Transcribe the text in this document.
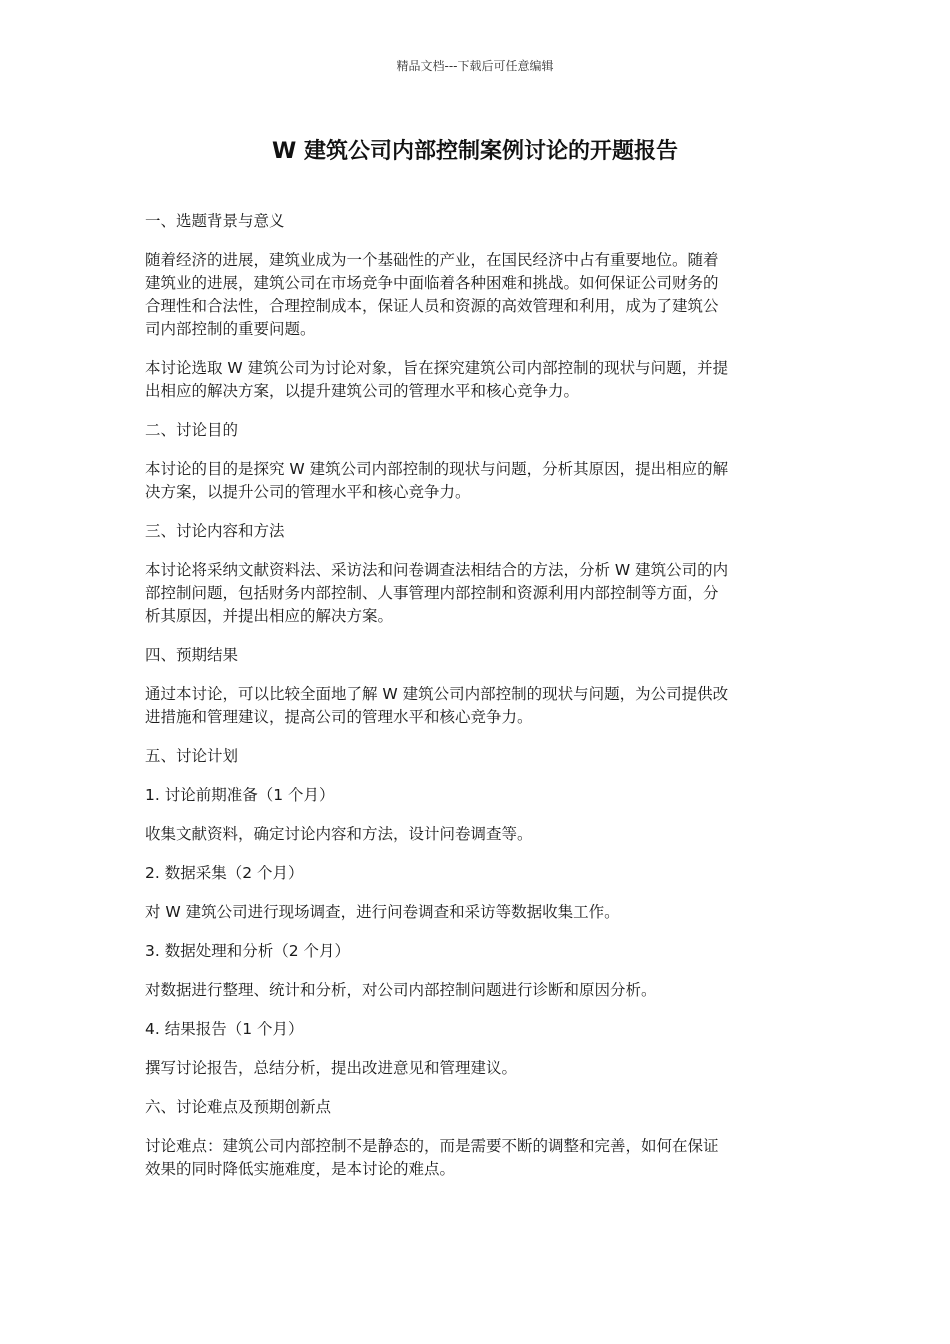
精品文档---下载后可任意编辑
W 建筑公司内部控制案例讨论的开题报告

一、选题背景与意义

随着经济的进展，建筑业成为一个基础性的产业，在国民经济中占有重要地位。随着

建筑业的进展，建筑公司在市场竞争中面临着各种困难和挑战。如何保证公司财务的

合理性和合法性，合理控制成本，保证人员和资源的高效管理和利用，成为了建筑公

司内部控制的重要问题。

本讨论选取 W 建筑公司为讨论对象，旨在探究建筑公司内部控制的现状与问题，并提

出相应的解决方案，以提升建筑公司的管理水平和核心竞争力。

二、讨论目的

本讨论的目的是探究 W 建筑公司内部控制的现状与问题，分析其原因，提出相应的解

决方案，以提升公司的管理水平和核心竞争力。

三、讨论内容和方法

本讨论将采纳文献资料法、采访法和问卷调查法相结合的方法，分析 W 建筑公司的内

部控制问题，包括财务内部控制、人事管理内部控制和资源利用内部控制等方面，分

析其原因，并提出相应的解决方案。

四、预期结果

通过本讨论，可以比较全面地了解 W 建筑公司内部控制的现状与问题，为公司提供改

进措施和管理建议，提高公司的管理水平和核心竞争力。

五、讨论计划

1. 讨论前期准备（1 个月）

收集文献资料，确定讨论内容和方法，设计问卷调查等。

2. 数据采集（2 个月）

对 W 建筑公司进行现场调查，进行问卷调查和采访等数据收集工作。

3. 数据处理和分析（2 个月）

对数据进行整理、统计和分析，对公司内部控制问题进行诊断和原因分析。

4. 结果报告（1 个月）

撰写讨论报告，总结分析，提出改进意见和管理建议。

六、讨论难点及预期创新点

讨论难点：建筑公司内部控制不是静态的，而是需要不断的调整和完善，如何在保证

效果的同时降低实施难度，是本讨论的难点。
